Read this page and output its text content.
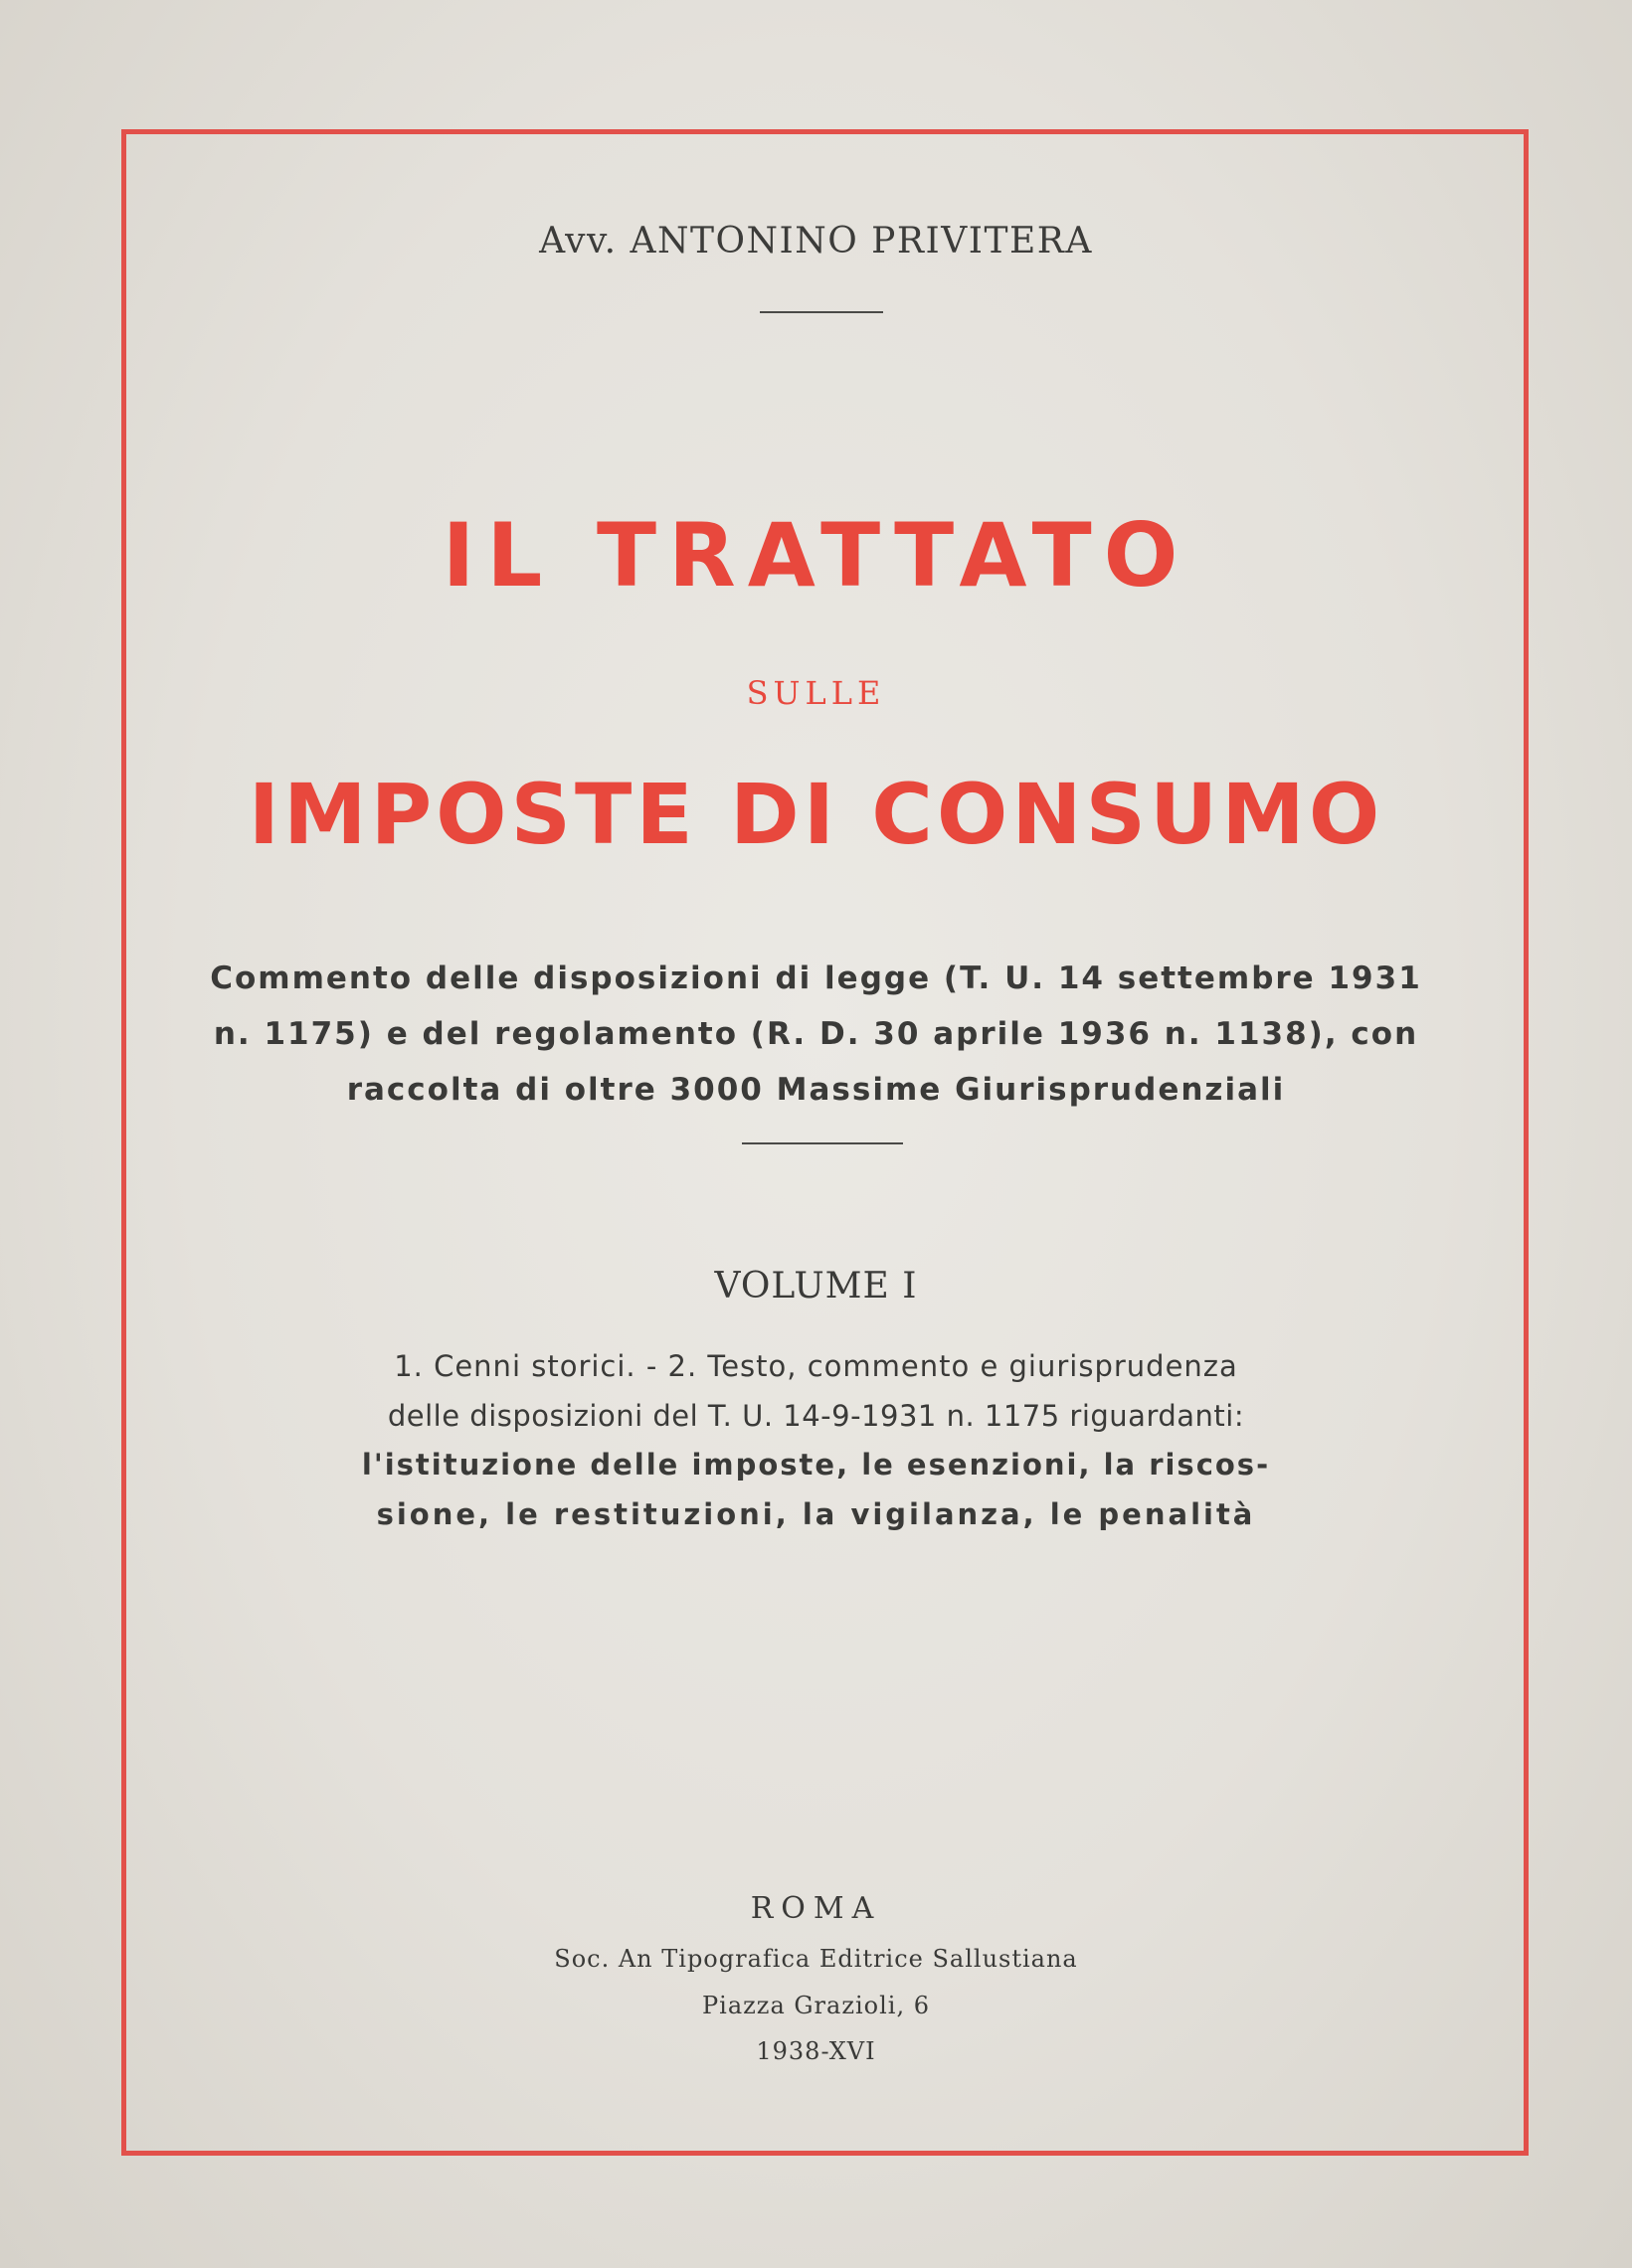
Avv. ANTONINO PRIVITERA
IL TRATTATO
SULLE
IMPOSTE DI CONSUMO
Commento delle disposizioni di legge (T. U. 14 settembre 1931
n. 1175) e del regolamento (R. D. 30 aprile 1936 n. 1138), con
raccolta di oltre 3000 Massime Giurisprudenziali
VOLUME I
1. Cenni storici. - 2. Testo, commento e giurisprudenza
delle disposizioni del T. U. 14-9-1931 n. 1175 riguardanti:
l'istituzione delle imposte, le esenzioni, la riscos-
sione, le restituzioni, la vigilanza, le penalità
ROMA
Soc. An Tipografica Editrice Sallustiana
Piazza Grazioli, 6
1938-XVI
